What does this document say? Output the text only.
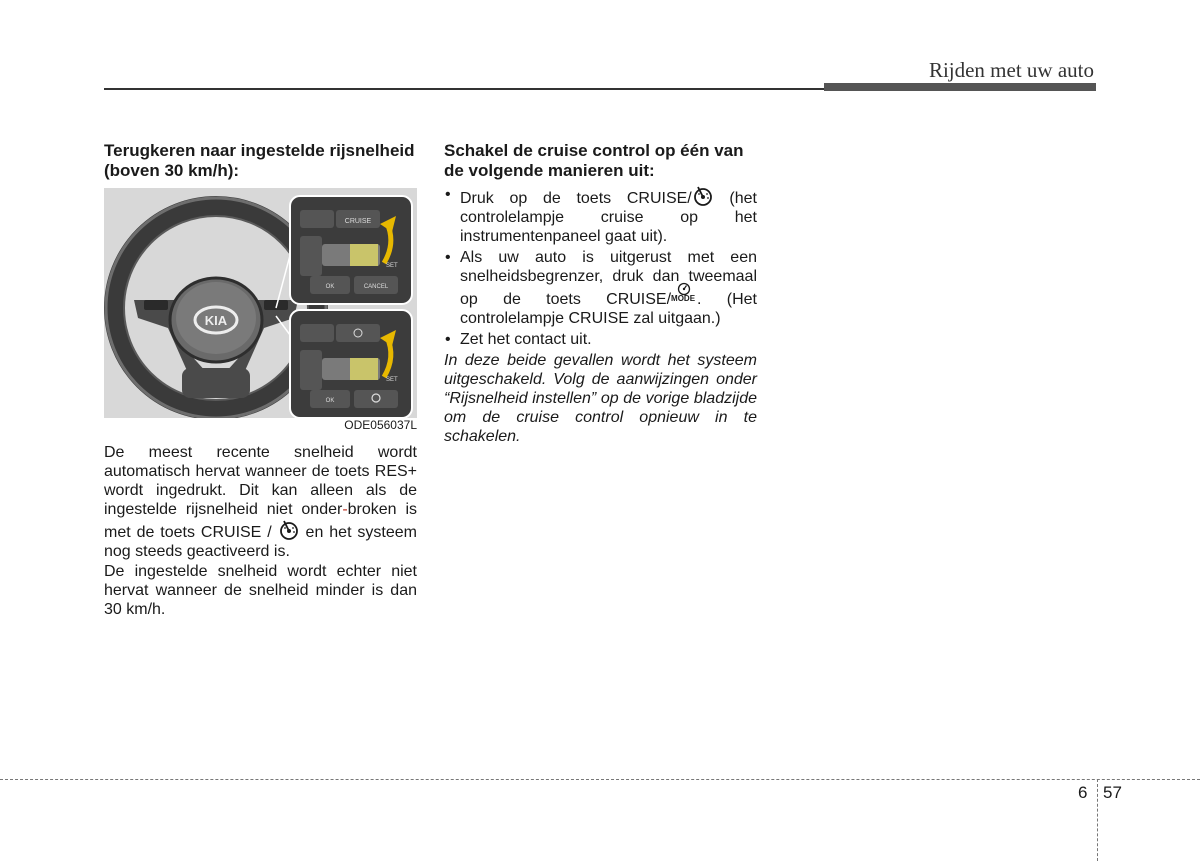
Rijden met uw auto
Terugkeren naar ingestelde rijsnelheid (boven 30 km/h):
KIA
CRUISE
SET
OK	CANCEL
SET
OK
ODE056037L

De meest recente snelheid wordt automatisch hervat wanneer de toets RES+ wordt ingedrukt. Dit kan alleen als de ingestelde rijsnelheid niet onder-broken is met de toets CRUISE /  en het systeem nog steeds geactiveerd is.

De ingestelde snelheid wordt echter niet hervat wanneer de snelheid minder is dan 30 km/h.

Schakel de cruise control op één van de volgende manieren uit:
• Druk op de toets CRUISE/ (het controlelampje cruise op het instrumentenpaneel gaat uit).
• Als uw auto is uitgerust met een snelheidsbegrenzer, druk dan tweemaal op de toets CRUISE/ MODE . (Het controlelampje CRUISE zal uitgaan.)
• Zet het contact uit.

In deze beide gevallen wordt het systeem uitgeschakeld. Volg de aanwijzingen onder “Rijsnelheid instellen” op de vorige bladzijde om de cruise control opnieuw in te schakelen.

6 57
